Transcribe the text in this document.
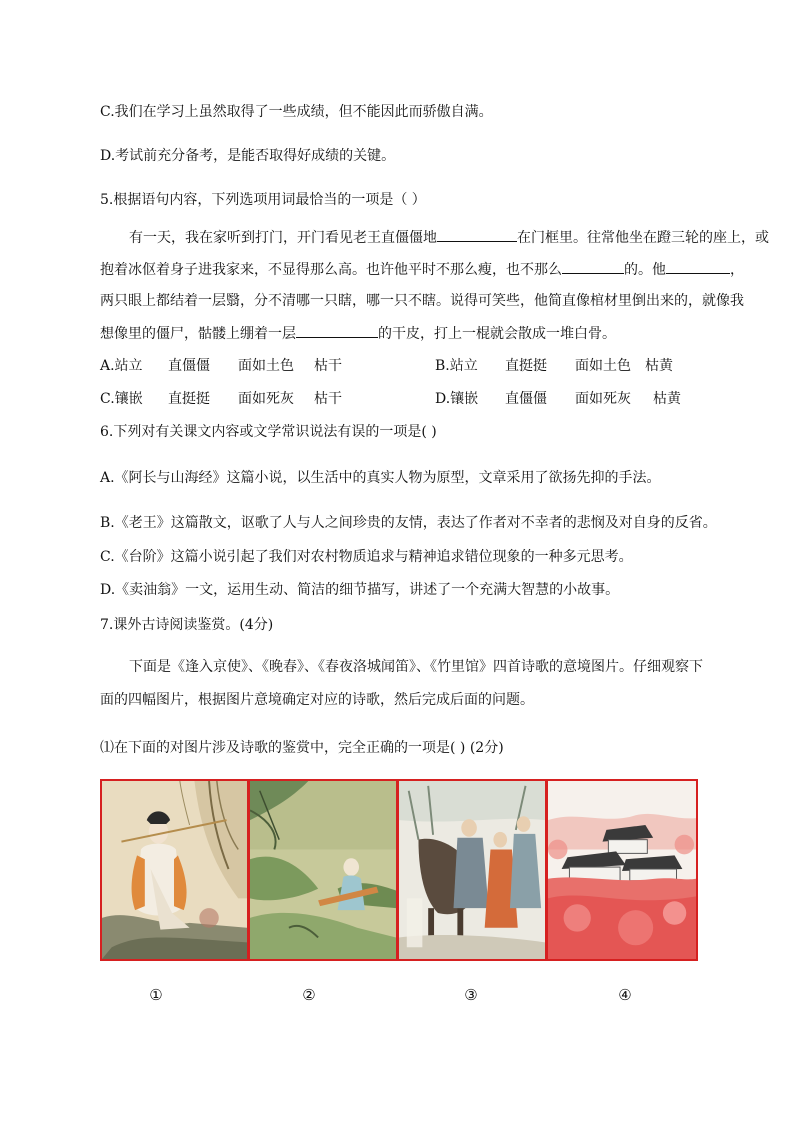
C.我们在学习上虽然取得了一些成绩，但不能因此而骄傲自满。
D.考试前充分备考，是能否取得好成绩的关键。
5.根据语句内容，下列选项用词最恰当的一项是（ ）
有一天，我在家听到打门，开门看见老王直僵僵地	在门框里。往常他坐在蹬三轮的座上，或
抱着冰伛着身子进我家来，不显得那么高。也许他平时不那么瘦，也不那么	的。他	，
两只眼上都结着一层翳，分不清哪一只瞎，哪一只不瞎。说得可笑些，他简直像棺材里倒出来的，就像我
想像里的僵尸，骷髅上绷着一层	的干皮，打上一棍就会散成一堆白骨。
A.站立 直僵僵 面如土色 枯干	B.站立 直挺挺 面如土色 枯黄
C.镶嵌 直挺挺 面如死灰 枯干	D.镶嵌 直僵僵 面如死灰 枯黄
6.下列对有关课文内容或文学常识说法有误的一项是( )
A.《阿长与山海经》这篇小说，以生活中的真实人物为原型，文章采用了欲扬先抑的手法。
B.《老王》这篇散文，讴歌了人与人之间珍贵的友情，表达了作者对不幸者的悲悯及对自身的反省。
C.《台阶》这篇小说引起了我们对农村物质追求与精神追求错位现象的一种多元思考。
D.《卖油翁》一文，运用生动、简洁的细节描写，讲述了一个充满大智慧的小故事。
7.课外古诗阅读鉴赏。(4分)
下面是《逢入京使》、《晚春》、《春夜洛城闻笛》、《竹里馆》四首诗歌的意境图片。仔细观察下
面的四幅图片，根据图片意境确定对应的诗歌，然后完成后面的问题。
⑴在下面的对图片涉及诗歌的鉴赏中，完全正确的一项是( ) (2分)
①	②	③	④
